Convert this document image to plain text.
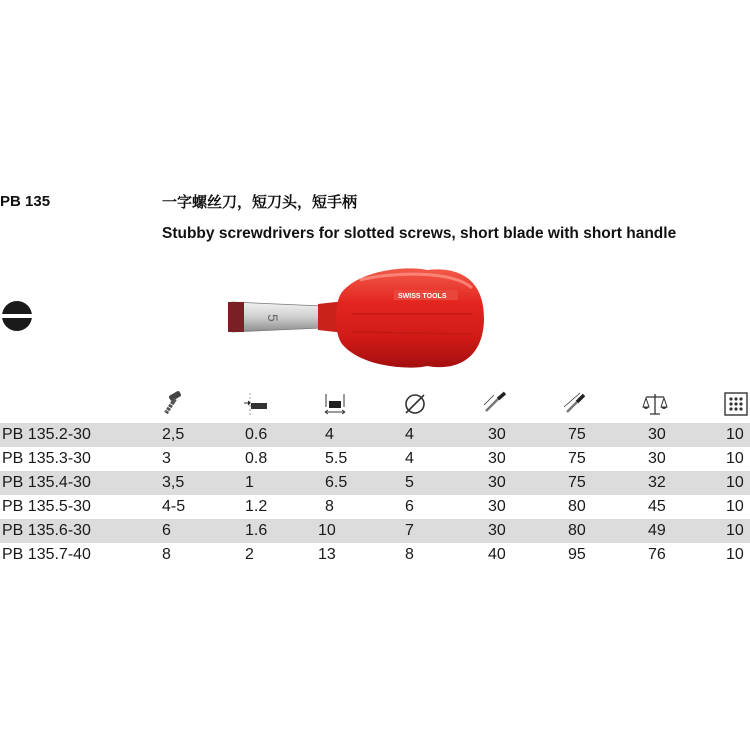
PB 135	一字螺丝刀，短刀头，短手柄
Stubby screwdrivers for slotted screws, short blade with short handle
5
SWISS TOOLS
PB 135.2-30	2,5	0.6	4	4	30	75	30	10
PB 135.3-30	3	0.8	5.5	4	30	75	30	10
PB 135.4-30	3,5	1	6.5	5	30	75	32	10
PB 135.5-30	4-5	1.2	8	6	30	80	45	10
PB 135.6-30	6	1.6	10	7	30	80	49	10
PB 135.7-40	8	2	13	8	40	95	76	10
